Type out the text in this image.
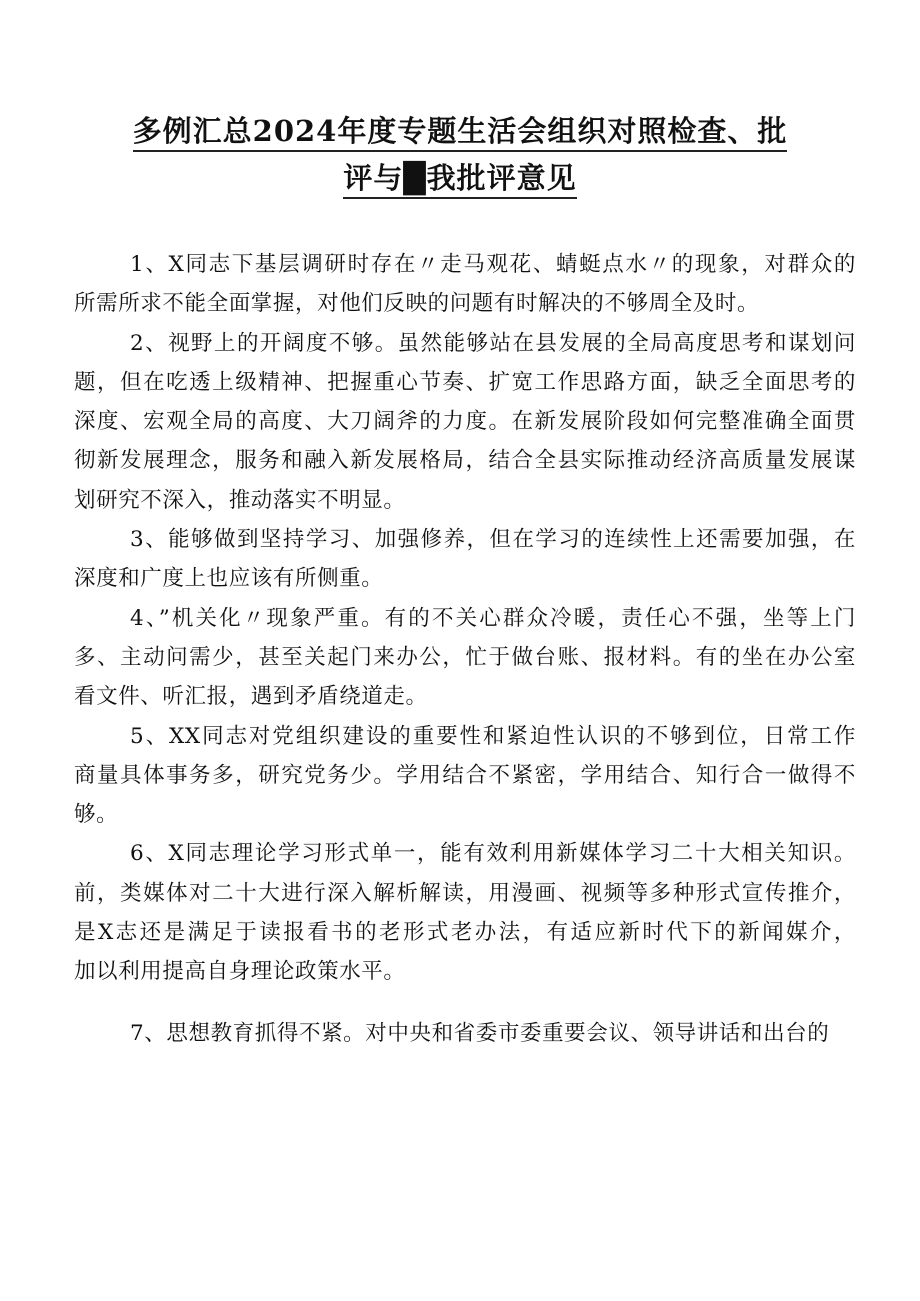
多例汇总2024年度专题生活会组织对照检查、批
评与█我批评意见
1、X同志下基层调研时存在〃走马观花、蜻蜓点水〃的现象，对群众的
所需所求不能全面掌握，对他们反映的问题有时解决的不够周全及时。
2、视野上的开阔度不够。虽然能够站在县发展的全局高度思考和谋划问
题，但在吃透上级精神、把握重心节奏、扩宽工作思路方面，缺乏全面思考的
深度、宏观全局的高度、大刀阔斧的力度。在新发展阶段如何完整准确全面贯
彻新发展理念，服务和融入新发展格局，结合全县实际推动经济高质量发展谋
划研究不深入，推动落实不明显。
3、能够做到坚持学习、加强修养，但在学习的连续性上还需要加强，在
深度和广度上也应该有所侧重。
4、”机关化〃现象严重。有的不关心群众冷暖，责任心不强，坐等上门
多、主动问需少，甚至关起门来办公，忙于做台账、报材料。有的坐在办公室
看文件、听汇报，遇到矛盾绕道走。
5、XX同志对党组织建设的重要性和紧迫性认识的不够到位，日常工作
商量具体事务多，研究党务少。学用结合不紧密，学用结合、知行合一做得不
够。
6、X同志理论学习形式单一，能有效利用新媒体学习二十大相关知识。
前，类媒体对二十大进行深入解析解读，用漫画、视频等多种形式宣传推介，
是X志还是满足于读报看书的老形式老办法，有适应新时代下的新闻媒介，
加以利用提高自身理论政策水平。
7、思想教育抓得不紧。对中央和省委市委重要会议、领导讲话和出台的
